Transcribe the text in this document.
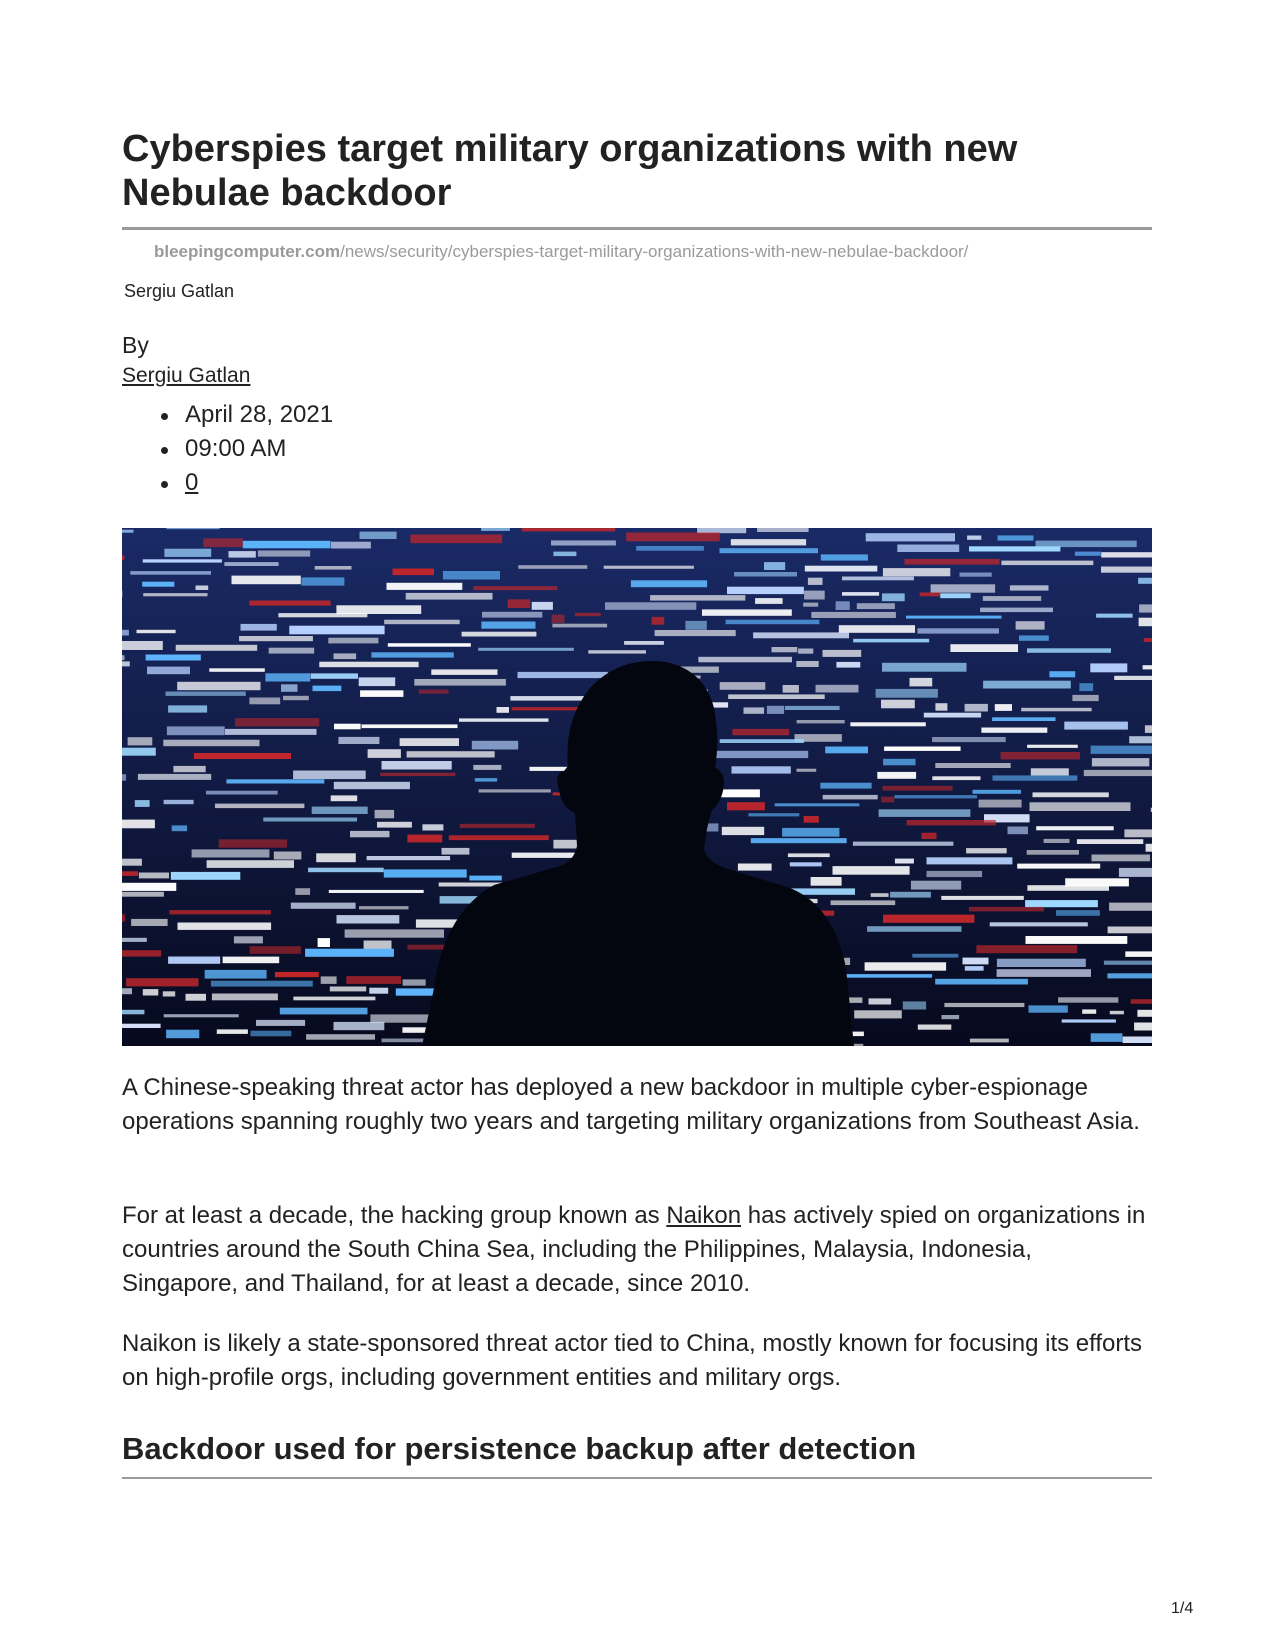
Cyberspies target military organizations with new
Nebulae backdoor
bleepingcomputer.com/news/security/cyberspies-target-military-organizations-with-new-nebulae-backdoor/
Sergiu Gatlan
By
Sergiu Gatlan
April 28, 2021
09:00 AM
0

A Chinese-speaking threat actor has deployed a new backdoor in multiple cyber-espionage operations spanning roughly two years and targeting military organizations from Southeast Asia.

For at least a decade, the hacking group known as Naikon has actively spied on organizations in countries around the South China Sea, including the Philippines, Malaysia, Indonesia, Singapore, and Thailand, for at least a decade, since 2010.

Naikon is likely a state-sponsored threat actor tied to China, mostly known for focusing its efforts on high-profile orgs, including government entities and military orgs.

Backdoor used for persistence backup after detection
1/4
